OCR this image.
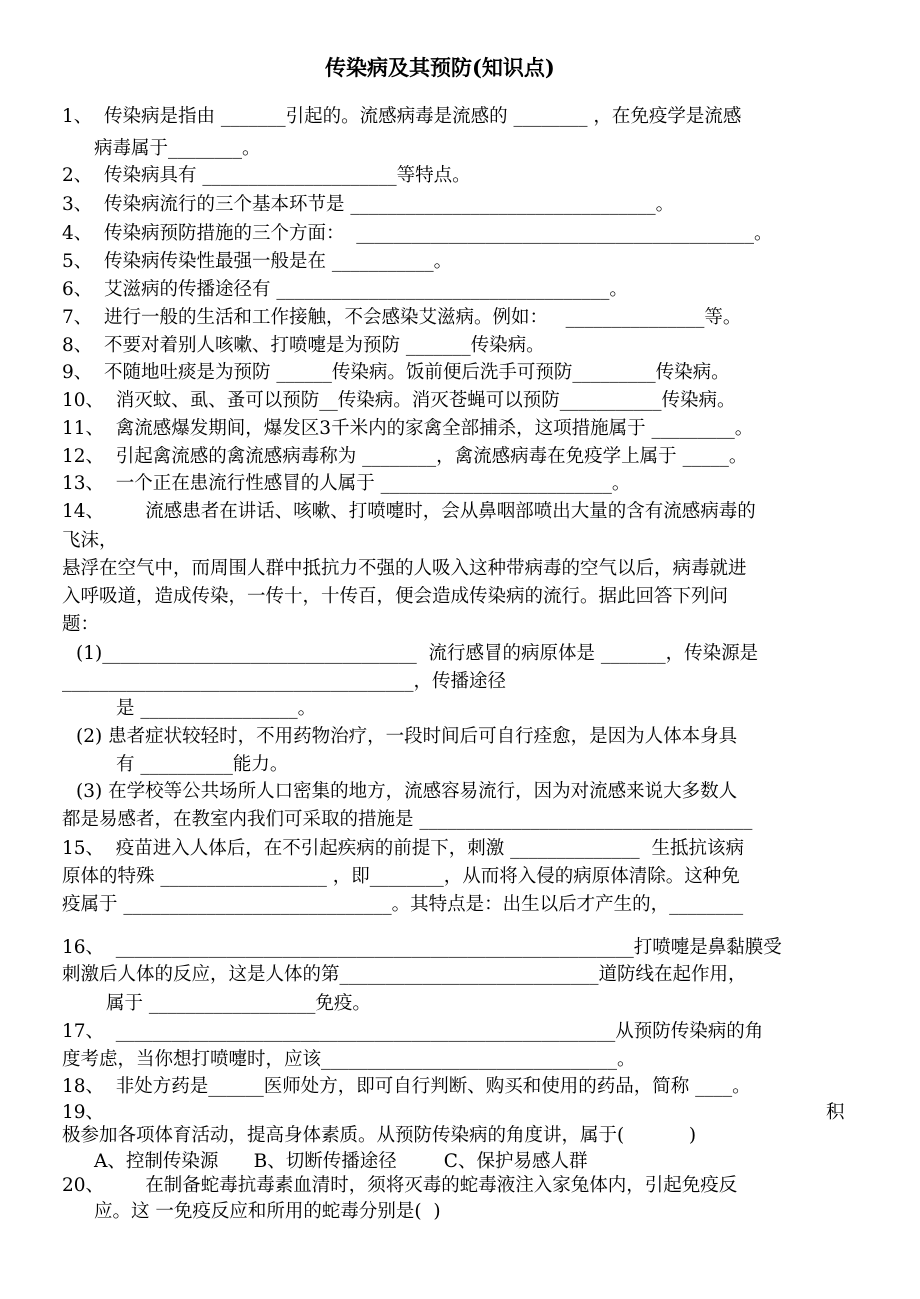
传染病及其预防(知识点)
1、  传染病是指由 _______引起的。流感病毒是流感的 ________ ，在免疫学是流感
病毒属于________。
2、  传染病具有 _____________________等特点。
3、  传染病流行的三个基本环节是 _________________________________。
4、  传染病预防措施的三个方面：  ___________________________________________。
5、  传染病传染性最强一般是在 ___________。
6、  艾滋病的传播途径有 ____________________________________。
7、  进行一般的生活和工作接触，不会感染艾滋病。例如：   _______________等。
8、  不要对着别人咳嗽、打喷嚏是为预防 _______传染病。
9、  不随地吐痰是为预防 ______传染病。饭前便后洗手可预防_________传染病。
10、  消灭蚊、虱、蚤可以预防__传染病。消灭苍蝇可以预防___________传染病。
11、  禽流感爆发期间，爆发区3千米内的家禽全部捕杀，这项措施属于 _________。
12、  引起禽流感的禽流感病毒称为 ________，禽流感病毒在免疫学上属于 _____。
13、  一个正在患流行性感冒的人属于 _________________________。
14、       流感患者在讲话、咳嗽、打喷嚏时，会从鼻咽部喷出大量的含有流感病毒的
飞沫，
悬浮在空气中，而周围人群中抵抗力不强的人吸入这种带病毒的空气以后，病毒就进
入呼吸道，造成传染，一传十，十传百，便会造成传染病的流行。据此回答下列问
题：
(1)__________________________________  流行感冒的病原体是 _______，传染源是
______________________________________，传播途径
是 _________________。
(2) 患者症状较轻时，不用药物治疗，一段时间后可自行痊愈，是因为人体本身具
有 __________能力。
(3) 在学校等公共场所人口密集的地方，流感容易流行，因为对流感来说大多数人
都是易感者，在教室内我们可采取的措施是 ____________________________________
15、  疫苗进入人体后，在不引起疾病的前提下，刺激 ______________  生抵抗该病
原体的特殊 __________________ ，即________，从而将入侵的病原体清除。这种免
疫属于 _____________________________。其特点是：出生以后才产生的，________
16、  ________________________________________________________打喷嚏是鼻黏膜受
刺激后人体的反应，这是人体的第____________________________道防线在起作用，
属于 __________________免疫。
17、  ______________________________________________________从预防传染病的角
度考虑，当你想打喷嚏时，应该________________________________。
18、  非处方药是______医师处方，即可自行判断、购买和使用的药品，简称 ____。
19、	积
极参加各项体育活动，提高身体素质。从预防传染病的角度讲，属于(           )
A、控制传染源      B、切断传播途径        C、保护易感人群
20、       在制备蛇毒抗毒素血清时，须将灭毒的蛇毒液注入家兔体内，引起免疫反
应。这 一免疫反应和所用的蛇毒分别是(  )
